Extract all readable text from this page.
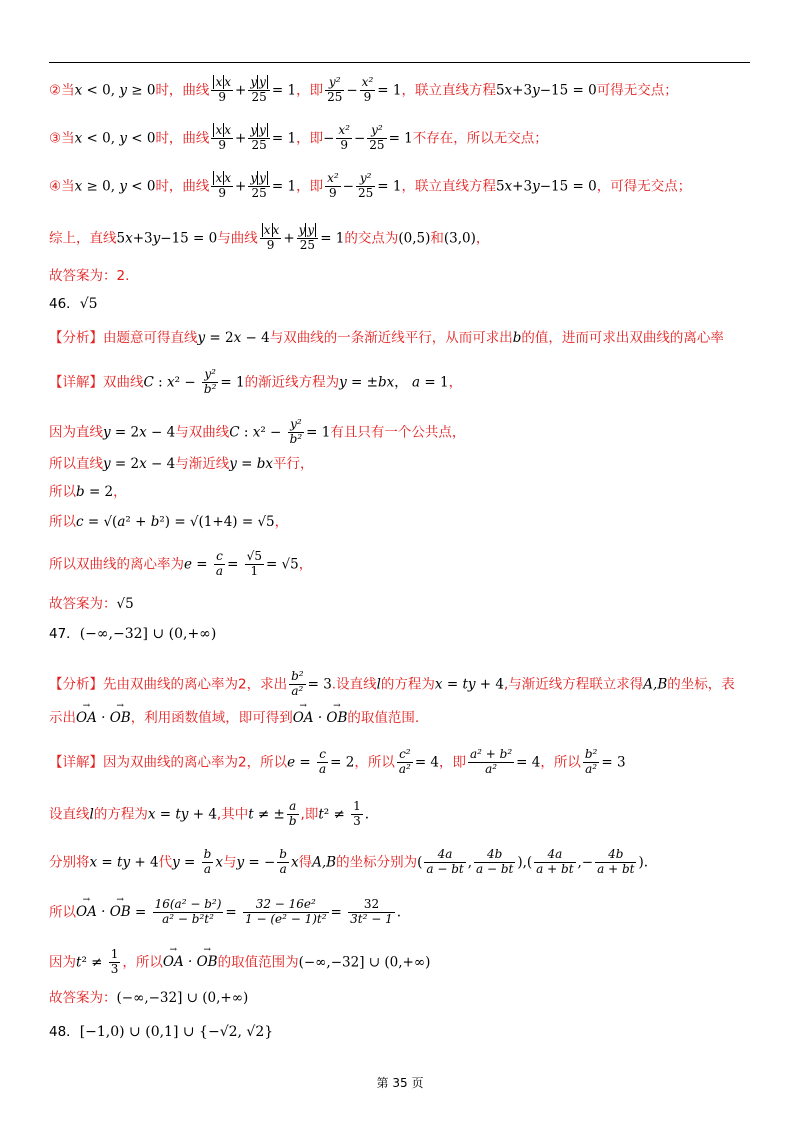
②当x < 0, y ≥ 0时，曲线 $\frac{\text{x x}}{9} + \frac{\text{y y}}{25} = 1$，即 $\frac{\text{y²}}{25} - \frac{\text{x²}}{9} = 1$，联立直线方程5x+3y−15 = 0可得无交点；
③当x < 0, y < 0时，曲线 $\frac{\text{x x}}{9} + \frac{\text{y y}}{25} = 1$，即− $\frac{\text{x²}}{9} - \frac{\text{y²}}{25} = 1$不存在，所以无交点；
④当x ≥ 0, y < 0时，曲线 $\frac{\text{x x}}{9} + \frac{\text{y y}}{25} = 1$，即 $\frac{\text{x²}}{9} - \frac{\text{y²}}{25} = 1$，联立直线方程5x+3y−15 = 0，可得无交点；
综上，直线5x+3y−15 = 0与曲线 $\frac{\text{x x}}{9} + \frac{\text{y y}}{25} = 1$的交点为(0,5)和(3,0)，
故答案为：2.
46．√5
【分析】由题意可得直线y = 2x − 4与双曲线的一条渐近线平行，从而可求出b的值，进而可求出双曲线的离心率
【详解】双曲线C : $x^2 - \frac{\text{y²}}{\text{b²}} = 1$的渐近线方程为y = ±bx， a = 1，
因为直线y = 2x − 4与双曲线C : $x^2 - \frac{\text{y²}}{\text{b²}} = 1$有且只有一个公共点，
所以直线y = 2x − 4与渐近线y = bx平行，
所以b = 2，
所以c = √(a² + b²) = √(1+4) = √5，
所以双曲线的离心率为$e = \frac{c}{a} = \frac{√5}{1} = √5$，
故答案为：√5
47．(−∞,−32] ∪ (0,+∞)
【分析】先由双曲线的离心率为2，求出 $\frac{\text{b²}}{\text{a²}} = 3$.设直线l的方程为x = ty + 4,与渐近线方程联立求得A,B的坐标，表
示出→ OA · → OB，利用函数值域，即可得到→ OA · → OB的取值范围.
【详解】因为双曲线的离心率为2，所以$e = \frac{c}{a} = 2$，所以 $\frac{\text{c²}}{\text{a²}} = 4$，即 $\frac{\text{a² + b²}}{\text{a²}} = 4$，所以 $\frac{\text{b²}}{\text{a²}} = 3$
设直线l的方程为x = ty + 4,其中t ≠ ± $\frac{a}{b}$ ,即$t^2 \ne \frac{1}{3}$ .
分别将x = ty + 4代$y = \frac{b}{a}$ x与y = − $\frac{b}{a}$ x得A,B的坐标分别为( $\frac{4a}{a - bt}$ , $\frac{4b}{a - bt}$ ),( $\frac{4a}{a + bt}$ ,− $\frac{4b}{a + bt}$ ).
所以→ OA · → OB = $\frac{\text{16(a² − b²)}}{\text{a² − b²t²}} = \frac{\text{32 − 16e²}}{\text{1 − (e² − 1)t²}} = \frac{32}{\text{3t² − 1}}$ .
因为$t^2 \ne \frac{1}{3}$ ，所以→ OA · → OB的取值范围为(−∞,−32] ∪ (0,+∞)
故答案为：(−∞,−32] ∪ (0,+∞)
48．[−1,0) ∪ (0,1] ∪ {−√2, √2}
第 35 页
